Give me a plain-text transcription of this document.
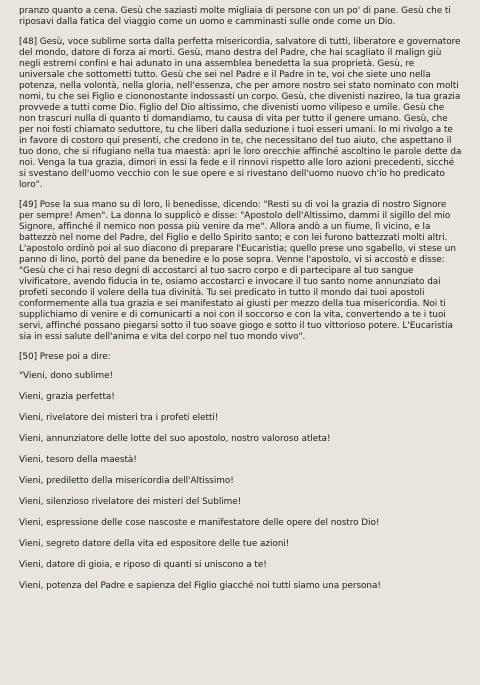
pranzo quanto a cena. Gesù che saziasti molte migliaia di persone con un po' di pane. Gesù che ti riposavi dalla fatica del viaggio come un uomo e camminasti sulle onde come un Dio.

[48] Gesù, voce sublime sorta dalla perfetta misericordia, salvatore di tutti, liberatore e governatore del mondo, datore di forza ai morti. Gesù, mano destra del Padre, che hai scagliato il malign giù negli estremi confini e hai adunato in una assemblea benedetta la sua proprietà. Gesù, re universale che sottometti tutto. Gesù che sei nel Padre e il Padre in te, voi che siete uno nella potenza, nella volontà, nella gloria, nell'essenza, che per amore nostro sei stato nominato con molti nomi, tu che sei Figlio e ciononostante indossasti un corpo. Gesù, che divenisti nazireo, la tua grazia provvede a tutti come Dio. Figlio del Dio altissimo, che divenisti uomo vilipeso e umile. Gesù che non trascuri nulla di quanto ti domandiamo, tu causa di vita per tutto il genere umano. Gesù, che per noi fosti chiamato seduttore, tu che liberi dalla seduzione i tuoi esseri umani. Io mi rivolgo a te in favore di costoro qui presenti, che credono in te, che necessitano del tuo aiuto, che aspettano il tuo dono, che si rifugiano nella tua maestà: apri le loro orecchie affinché ascoltino le parole dette da noi. Venga la tua grazia, dimori in essi la fede e il rinnovi rispetto alle loro azioni precedenti, sicché si svestano dell'uomo vecchio con le sue opere e si rivestano dell'uomo nuovo ch'io ho predicato loro".

[49] Pose la sua mano su di loro, li benedisse, dicendo: "Resti su di voi la grazia di nostro Signore per sempre! Amen". La donna lo supplicò e disse: "Apostolo dell'Altissimo, dammi il sigillo del mio Signore, affinché il nemico non possa più venire da me". Allora andò a un fiume, lì vicino, e la battezzò nel nome del Padre, del Figlio e dello Spirito santo; e con lei furono battezzati molti altri. L'apostolo ordinò poi al suo diacono di preparare l'Eucaristia; quello prese uno sgabello, vi stese un panno di lino, portò del pane da benedire e lo pose sopra. Venne l'apostolo, vi si accostò e disse: "Gesù che ci hai reso degni di accostarci al tuo sacro corpo e di partecipare al tuo sangue vivificatore, avendo fiducia in te, osiamo accostarci e invocare il tuo santo nome annunziato dai profeti secondo il volere della tua divinità. Tu sei predicato in tutto il mondo dai tuoi apostoli conformemente alla tua grazia e sei manifestato ai giusti per mezzo della tua misericordia. Noi ti supplichiamo di venire e di comunicarti a noi con il soccorso e con la vita, convertendo a te i tuoi servi, affinché possano piegarsi sotto il tuo soave giogo e sotto il tuo vittorioso potere. L'Eucaristia sia in essi salute dell'anima e vita del corpo nel tuo mondo vivo".

[50] Prese poi a dire:

"Vieni, dono sublime!
Vieni, grazia perfetta!
Vieni, rivelatore dei misteri tra i profeti eletti!
Vieni, annunziatore delle lotte del suo apostolo, nostro valoroso atleta!
Vieni, tesoro della maestà!
Vieni, prediletto della misericordia dell'Altissimo!
Vieni, silenzioso rivelatore dei misteri del Sublime!
Vieni, espressione delle cose nascoste e manifestatore delle opere del nostro Dio!
Vieni, segreto datore della vita ed espositore delle tue azioni!
Vieni, datore di gioia, e riposo di quanti si uniscono a te!
Vieni, potenza del Padre e sapienza del Figlio giacché noi tutti siamo una persona!
